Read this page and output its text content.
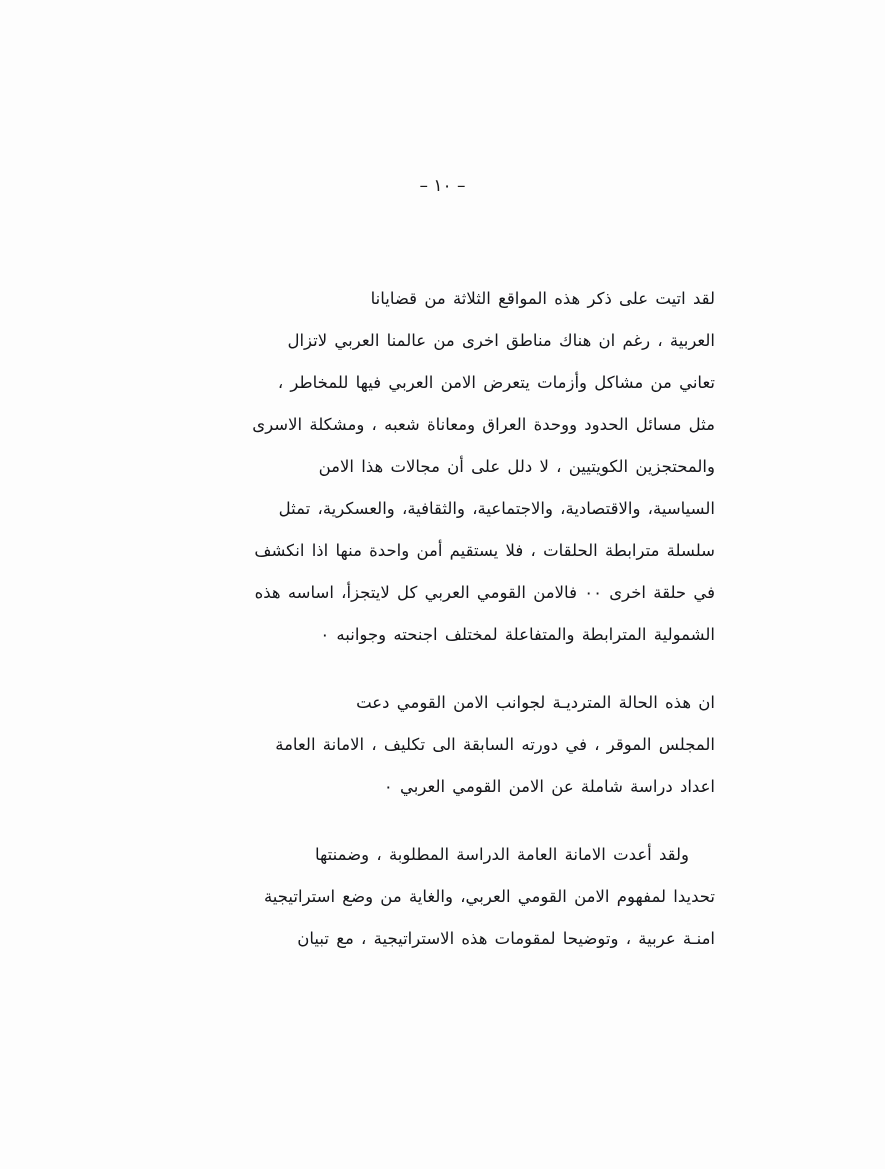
– ١٠ –
لقد اتيت على ذكر هذه المواقع الثلاثة من قضايانا
العربية ، رغم ان هناك مناطق اخرى من عالمنا العربي لاتزال
تعاني من مشاكل وأزمات يتعرض الامن العربي فيها للمخاطر ،
مثل مسائل الحدود ووحدة العراق ومعاناة شعبه ، ومشكلة الاسرى
والمحتجزين الكويتيين ، لا دلل على أن مجالات هذا الامن
السياسية، والاقتصادية، والاجتماعية، والثقافية، والعسكرية، تمثل
سلسلة مترابطة الحلقات ، فلا يستقيم أمن واحدة منها اذا انكشف
في حلقة اخرى ٠٠ فالامن القومي العربي كل لايتجزأ، اساسه هذه
الشمولية المترابطة والمتفاعلة لمختلف اجنحته وجوانبه ٠
ان هذه الحالة المترديـة لجوانب الامن القومي دعت
المجلس الموقر ، في دورته السابقة الى تكليف ، الامانة العامة
اعداد دراسة شاملة عن الامن القومي العربي ٠
ولقد أعدت الامانة العامة الدراسة المطلوبة ، وضمنتها
تحديدا لمفهوم الامن القومي العربي، والغاية من وضع استراتيجية
امنـة عربية ، وتوضيحا لمقومات هذه الاستراتيجية ، مع تبيان
